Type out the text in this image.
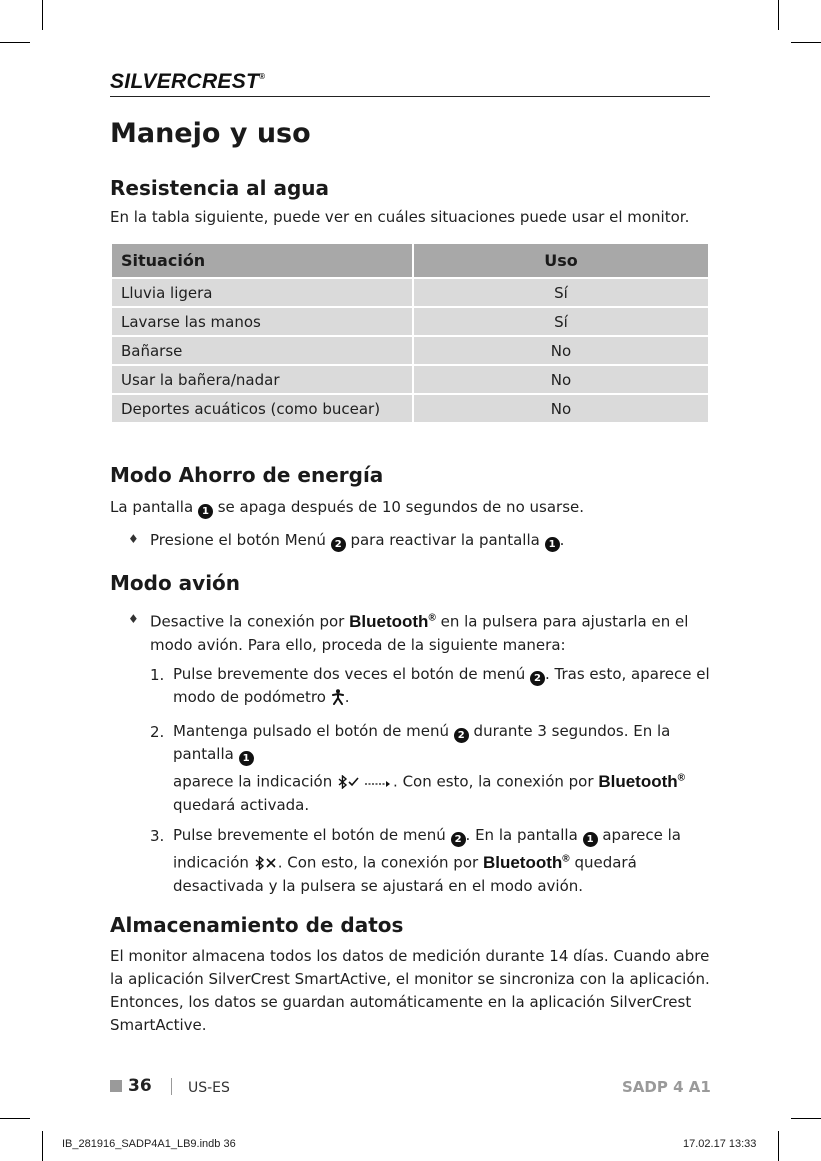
SILVERCREST®
Manejo y uso
Resistencia al agua
En la tabla siguiente, puede ver en cuáles situaciones puede usar el monitor.
Situación	Uso
Lluvia ligera	Sí
Lavarse las manos	Sí
Bañarse	No
Usar la bañera/nadar	No
Deportes acuáticos (como bucear)	No
Modo Ahorro de energía
La pantalla 1 se apaga después de 10 segundos de no usarse.
♦ Presione el botón Menú 2 para reactivar la pantalla 1 .
Modo avión
♦ Desactive la conexión por Bluetooth® en la pulsera para ajustarla en el modo avión. Para ello, proceda de la siguiente manera:
1. Pulse brevemente dos veces el botón de menú 2 . Tras esto, aparece el modo de podómetro .
2. Mantenga pulsado el botón de menú 2 durante 3 segundos. En la pantalla 1
aparece la indicación	. Con esto, la conexión por Bluetooth®
quedará activada.
3. Pulse brevemente el botón de menú 2 . En la pantalla 1 aparece la indicación . Con esto, la conexión por Bluetooth® quedará desactivada y la pulsera se ajustará en el modo avión.
Almacenamiento de datos
El monitor almacena todos los datos de medición durante 14 días. Cuando abre la aplicación SilverCrest SmartActive, el monitor se sincroniza con la aplicación. Entonces, los datos se guardan automáticamente en la aplicación SilverCrest SmartActive.
36	US-ES	SADP 4 A1
IB_281916_SADP4A1_LB9.indb 36	17.02.17 13:33
